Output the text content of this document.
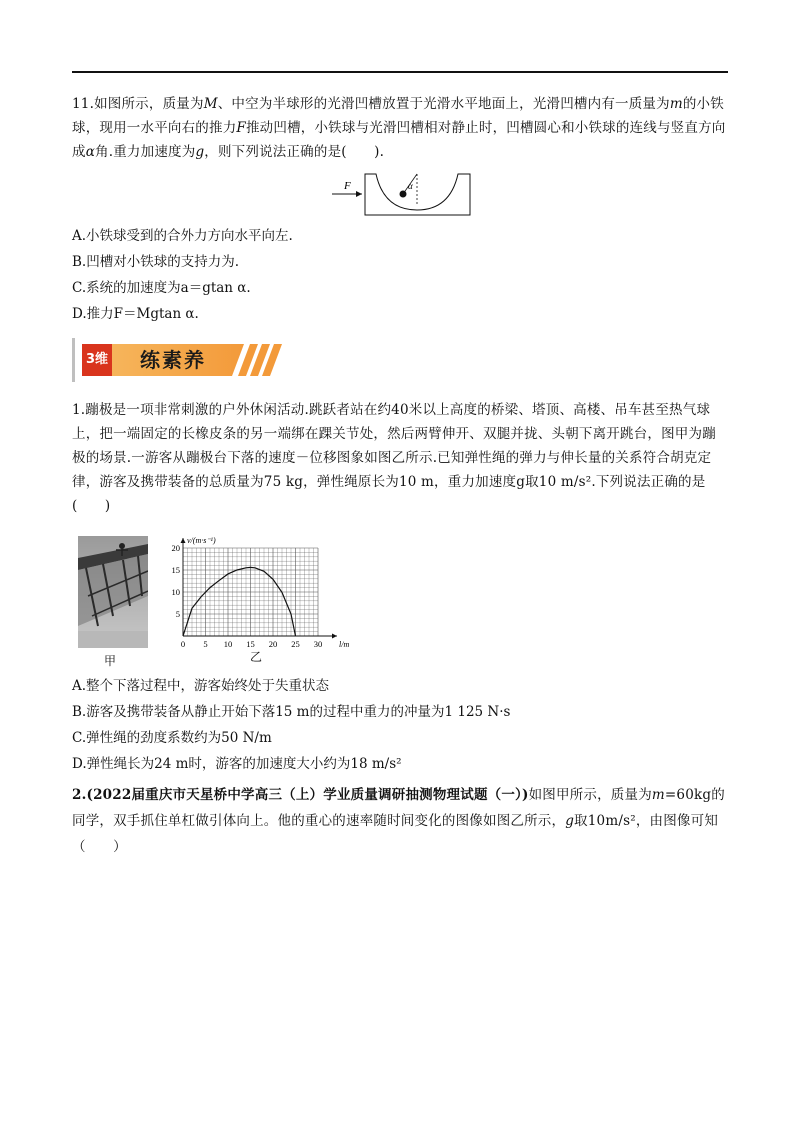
11.如图所示，质量为M、中空为半球形的光滑凹槽放置于光滑水平地面上，光滑凹槽内有一质量为m的小铁球，现用一水平向右的推力F推动凹槽，小铁球与光滑凹槽相对静止时，凹槽圆心和小铁球的连线与竖直方向成α角.重力加速度为g，则下列说法正确的是(　　).
F	α
A.小铁球受到的合外力方向水平向左.
B.凹槽对小铁球的支持力为.
C.系统的加速度为a＝gtan α.
D.推力F＝Mgtan α.
3维 练素养
1.蹦极是一项非常刺激的户外休闲活动.跳跃者站在约40米以上高度的桥梁、塔顶、高楼、吊车甚至热气球上，把一端固定的长橡皮条的另一端绑在踝关节处，然后两臂伸开、双腿并拢、头朝下离开跳台，图甲为蹦极的场景.一游客从蹦极台下落的速度－位移图象如图乙所示.已知弹性绳的弹力与伸长量的关系符合胡克定律，游客及携带装备的总质量为75 kg，弹性绳原长为10 m，重力加速度g取10 m/s².下列说法正确的是(　　)
甲
0 5 10 15 20 25 30
5
10
15
20
l/m
v/(m·s⁻¹)
乙
A.整个下落过程中，游客始终处于失重状态
B.游客及携带装备从静止开始下落15 m的过程中重力的冲量为1 125 N·s
C.弹性绳的劲度系数约为50 N/m
D.弹性绳长为24 m时，游客的加速度大小约为18 m/s²
2.(2022届重庆市天星桥中学高三（上）学业质量调研抽测物理试题（一）)如图甲所示，质量为m=60kg的同学，双手抓住单杠做引体向上。他的重心的速率随时间变化的图像如图乙所示，g取10m/s²，由图像可知（　　）
